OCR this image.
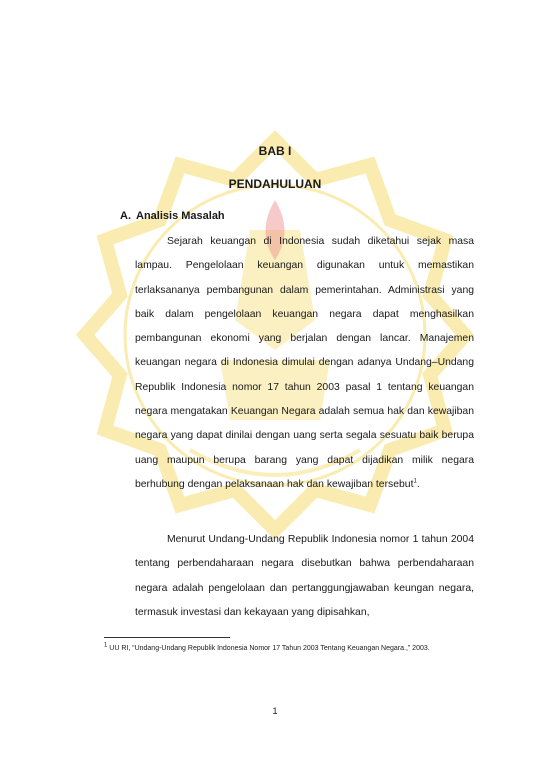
BAB I
PENDAHULUAN
A. Analisis Masalah

Sejarah keuangan di Indonesia sudah diketahui sejak masa lampau. Pengelolaan keuangan digunakan untuk memastikan terlaksananya pembangunan dalam pemerintahan. Administrasi yang baik dalam pengelolaan keuangan negara dapat menghasilkan pembangunan ekonomi yang berjalan dengan lancar. Manajemen keuangan negara di Indonesia dimulai dengan adanya Undang–Undang Republik Indonesia nomor 17 tahun 2003 pasal 1 tentang keuangan negara mengatakan Keuangan Negara adalah semua hak dan kewajiban negara yang dapat dinilai dengan uang serta segala sesuatu baik berupa uang maupun berupa barang yang dapat dijadikan milik negara berhubung dengan pelaksanaan hak dan kewajiban tersebut$^1$.

Menurut Undang-Undang Republik Indonesia nomor 1 tahun 2004 tentang perbendaharaan negara disebutkan bahwa perbendaharaan negara adalah pengelolaan dan pertanggungjawaban keungan negara, termasuk investasi dan kekayaan yang dipisahkan,

$^1$ UU RI, “Undang-Undang Republik Indonesia Nomor 17 Tahun 2003 Tentang Keuangan Negara.,” 2003.

1
